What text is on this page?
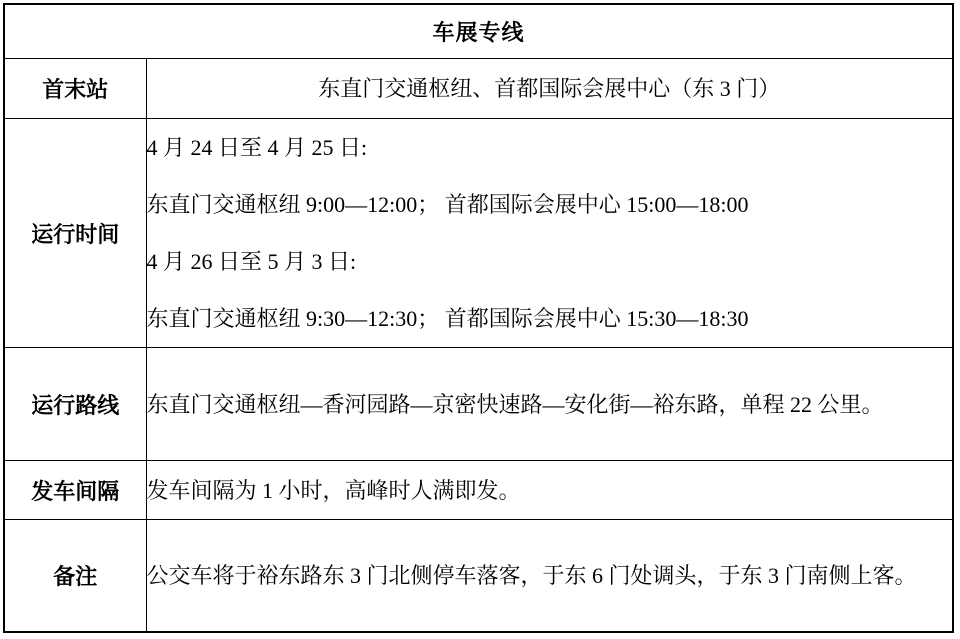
车展专线	
首末站	东直门交通枢纽、首都国际会展中心（东 3 门）
运行时间	4 月 24 日至 4 月 25 日:
东直门交通枢纽 9:00—12:00； 首都国际会展中心 15:00—18:00
4 月 26 日至 5 月 3 日:
东直门交通枢纽 9:30—12:30； 首都国际会展中心 15:30—18:30

运行路线	东直门交通枢纽—香河园路—京密快速路—安化街—裕东路，单程 22 公里。
发车间隔	发车间隔为 1 小时，高峰时人满即发。
备注	公交车将于裕东路东 3 门北侧停车落客，于东 6 门处调头，于东 3 门南侧上客。
